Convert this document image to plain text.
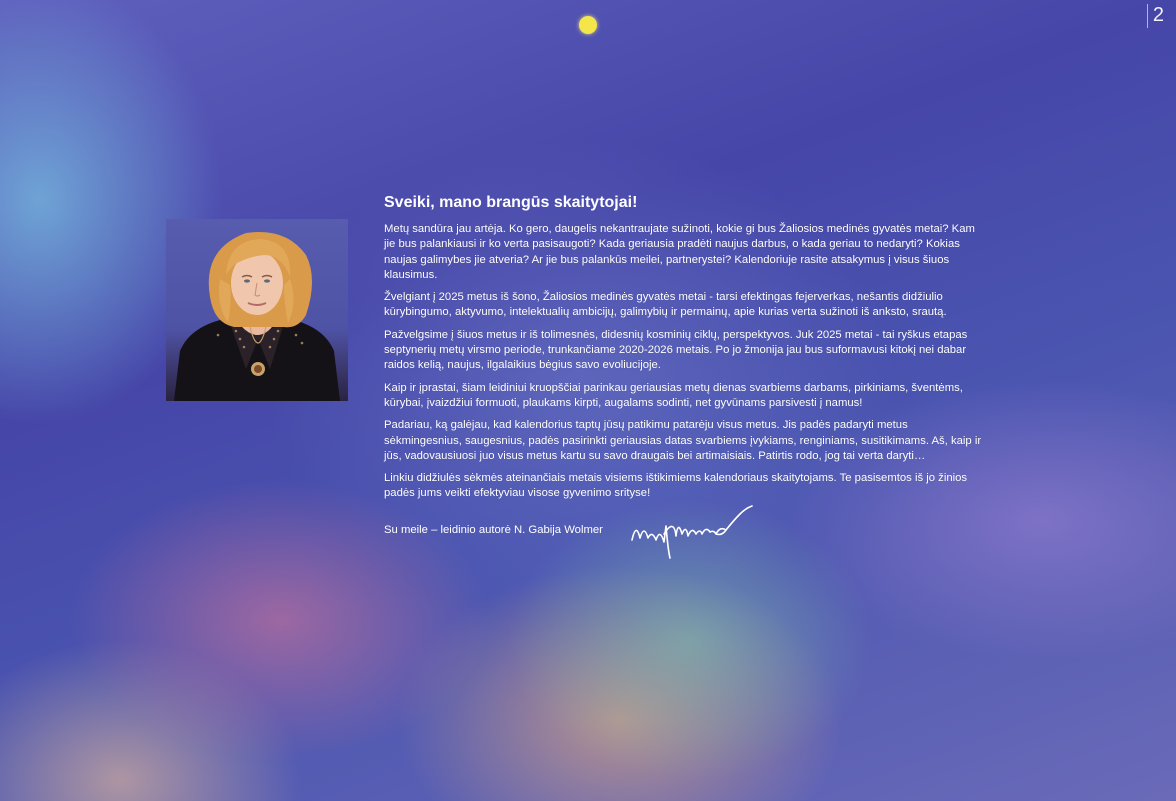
2
Sveiki, mano brangūs skaitytojai!

Metų sandūra jau artėja. Ko gero, daugelis nekantraujate sužinoti, kokie gi bus Žaliosios medinės gyvatės metai? Kam jie bus palankiausi ir ko verta pasisaugoti? Kada geriausia pradėti naujus darbus, o kada geriau to nedaryti? Kokias naujas galimybes jie atveria? Ar jie bus palankūs meilei, partnerystei? Kalendoriuje rasite atsakymus į visus šiuos klausimus.

Žvelgiant į 2025 metus iš šono, Žaliosios medinės gyvatės metai - tarsi efektingas fejerverkas, nešantis didžiulio kūrybingumo, aktyvumo, intelektualių ambicijų, galimybių ir permainų, apie kurias verta sužinoti iš anksto, srautą.

Pažvelgsime į šiuos metus ir iš tolimesnės, didesnių kosminių ciklų, perspektyvos. Juk 2025 metai - tai ryškus etapas septynerių metų virsmo periode, trunkančiame 2020-2026 metais. Po jo žmonija jau bus suformavusi kitokį nei dabar raidos kelią, naujus, ilgalaikius bėgius savo evoliucijoje.

Kaip ir įprastai, šiam leidiniui kruopščiai parinkau geriausias metų dienas svarbiems darbams, pirkiniams, šventėms, kūrybai, įvaizdžiui formuoti, plaukams kirpti, augalams sodinti, net gyvūnams parsivesti į namus!

Padariau, ką galėjau, kad kalendorius taptų jūsų patikimu patarėju visus metus. Jis padės padaryti metus sėkmingesnius, saugesnius, padės pasirinkti geriausias datas svarbiems įvykiams, renginiams, susitikimams. Aš, kaip ir jūs, vadovausiuosi juo visus metus kartu su savo draugais bei artimaisiais. Patirtis rodo, jog tai verta daryti…

Linkiu didžiulės sėkmės ateinančiais metais visiems ištikimiems kalendoriaus skaitytojams. Te pasisemtos iš jo žinios padės jums veikti efektyviau visose gyvenimo srityse!

Su meile – leidinio autorė N. Gabija Wolmer
